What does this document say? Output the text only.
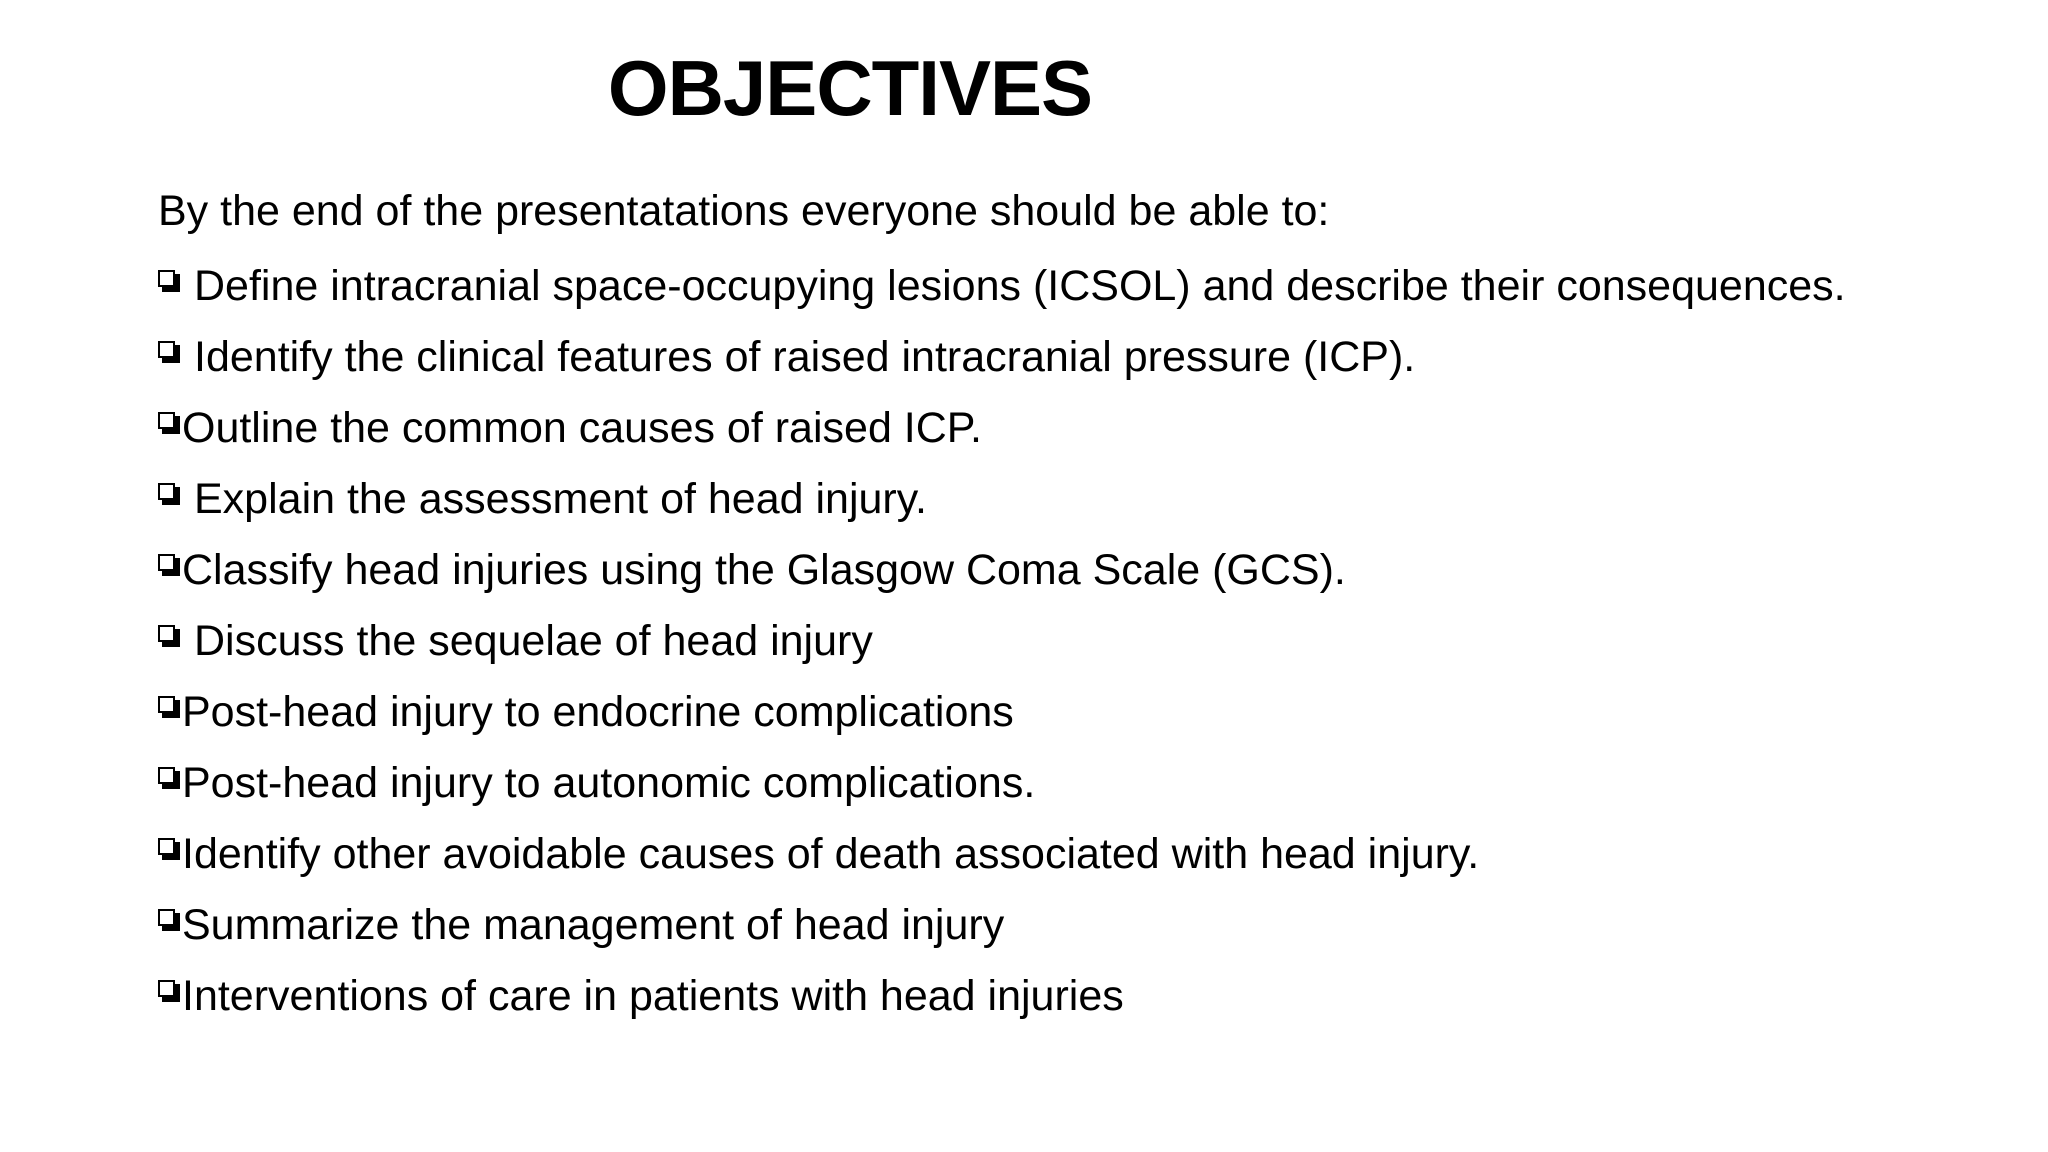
OBJECTIVES
By the end of the presentatations everyone should be able to:
Define intracranial space-occupying lesions (ICSOL) and describe their consequences.
Identify the clinical features of raised intracranial pressure (ICP).
Outline the common causes of raised ICP.
Explain the assessment of head injury.
Classify head injuries using the Glasgow Coma Scale (GCS).
Discuss the sequelae of head injury
Post-head injury to endocrine complications
Post-head injury to autonomic complications.
Identify other avoidable causes of death associated with head injury.
Summarize the management of head injury
Interventions of care in patients with head injuries
